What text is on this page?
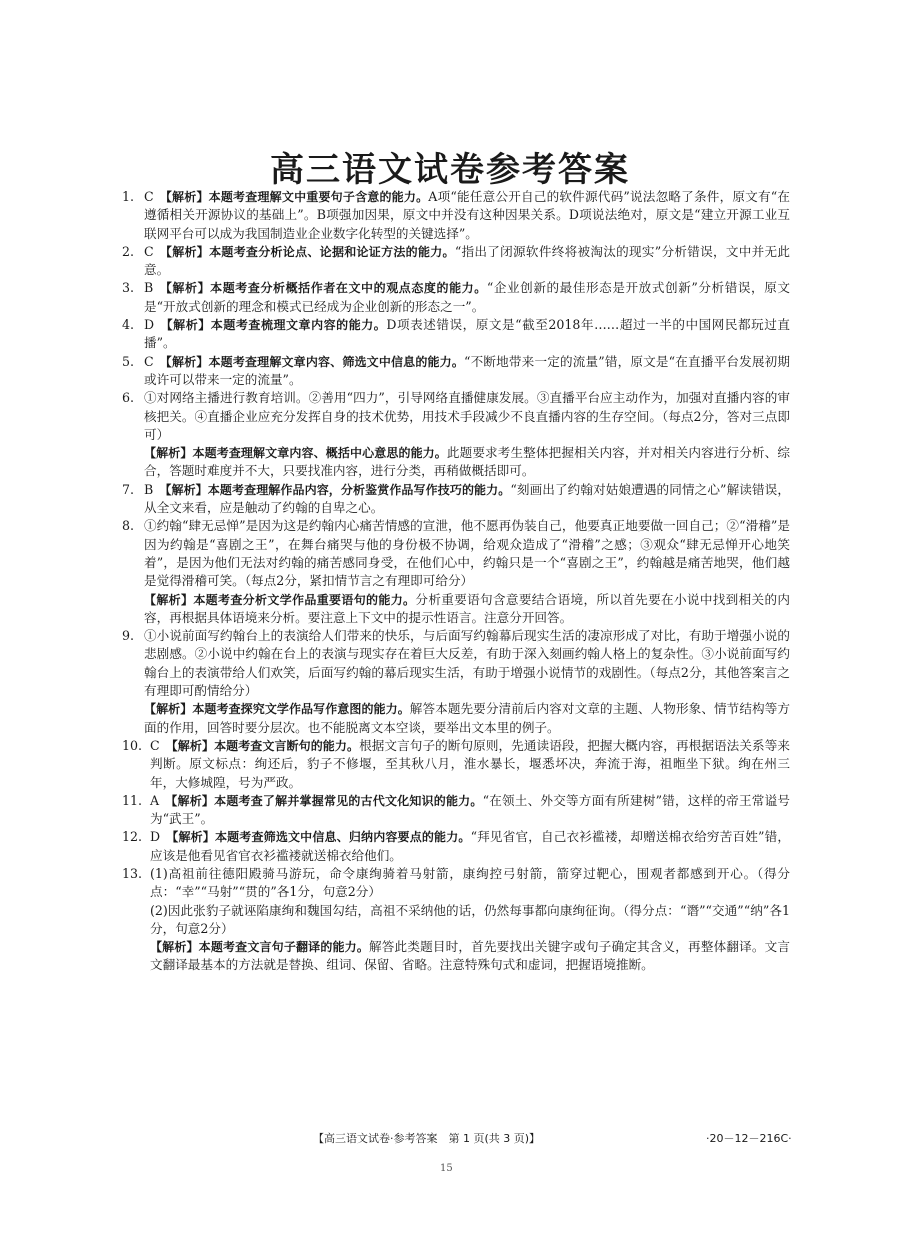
高三语文试卷参考答案

1. C 【解析】本题考查理解文中重要句子含意的能力。A项“能任意公开自己的软件源代码”说法忽略了条件，原文有“在遵循相关开源协议的基础上”。B项强加因果，原文中并没有这种因果关系。D项说法绝对，原文是“建立开源工业互联网平台可以成为我国制造业企业数字化转型的关键选择”。

2. C 【解析】本题考查分析论点、论据和论证方法的能力。“指出了闭源软件终将被淘汰的现实”分析错误，文中并无此意。

3. B 【解析】本题考查分析概括作者在文中的观点态度的能力。“企业创新的最佳形态是开放式创新”分析错误，原文是“开放式创新的理念和模式已经成为企业创新的形态之一”。

4. D 【解析】本题考查梳理文章内容的能力。D项表述错误，原文是“截至2018年……超过一半的中国网民都玩过直播”。

5. C 【解析】本题考查理解文章内容、筛选文中信息的能力。“不断地带来一定的流量”错，原文是“在直播平台发展初期或许可以带来一定的流量”。

6. ①对网络主播进行教育培训。②善用“四力”，引导网络直播健康发展。③直播平台应主动作为，加强对直播内容的审核把关。④直播企业应充分发挥自身的技术优势，用技术手段减少不良直播内容的生存空间。（每点2分，答对三点即可）
【解析】本题考查理解文章内容、概括中心意思的能力。此题要求考生整体把握相关内容，并对相关内容进行分析、综合，答题时难度并不大，只要找准内容，进行分类，再稍做概括即可。

7. B 【解析】本题考查理解作品内容，分析鉴赏作品写作技巧的能力。“刻画出了约翰对姑娘遭遇的同情之心”解读错误，从全文来看，应是触动了约翰的自卑之心。

8. ①约翰“肆无忌惮”是因为这是约翰内心痛苦情感的宣泄，他不愿再伪装自己，他要真正地要做一回自己；②“滑稽”是因为约翰是“喜剧之王”，在舞台痛哭与他的身份极不协调，给观众造成了“滑稽”之感；③观众“肆无忌惮开心地笑着”，是因为他们无法对约翰的痛苦感同身受，在他们心中，约翰只是一个“喜剧之王”，约翰越是痛苦地哭，他们越是觉得滑稽可笑。（每点2分，紧扣情节言之有理即可给分）
【解析】本题考查分析文学作品重要语句的能力。分析重要语句含意要结合语境，所以首先要在小说中找到相关的内容，再根据具体语境来分析。要注意上下文中的提示性语言。注意分开回答。

9. ①小说前面写约翰台上的表演给人们带来的快乐，与后面写约翰幕后现实生活的凄凉形成了对比，有助于增强小说的悲剧感。②小说中约翰在台上的表演与现实存在着巨大反差，有助于深入刻画约翰人格上的复杂性。③小说前面写约翰台上的表演带给人们欢笑，后面写约翰的幕后现实生活，有助于增强小说情节的戏剧性。（每点2分，其他答案言之有理即可酌情给分）
【解析】本题考查探究文学作品写作意图的能力。解答本题先要分清前后内容对文章的主题、人物形象、情节结构等方面的作用，回答时要分层次。也不能脱离文本空谈，要举出文本里的例子。

10. C 【解析】本题考查文言断句的能力。根据文言句子的断句原则，先通读语段，把握大概内容，再根据语法关系等来判断。原文标点：绚还后，豹子不修堰，至其秋八月，淮水暴长，堰悉坏决，奔流于海，祖暅坐下狱。绚在州三年，大修城隍，号为严政。

11. A 【解析】本题考查了解并掌握常见的古代文化知识的能力。“在领土、外交等方面有所建树”错，这样的帝王常谥号为“武王”。

12. D 【解析】本题考查筛选文中信息、归纳内容要点的能力。“拜见省官，自己衣衫褴褛，却赠送棉衣给穷苦百姓”错，应该是他看见省官衣衫褴褛就送棉衣给他们。

13. (1)高祖前往德阳殿骑马游玩，命令康绚骑着马射箭，康绚控弓射箭，箭穿过靶心，围观者都感到开心。（得分点：“幸”“马射”“贯的”各1分，句意2分）
(2)因此张豹子就诬陷康绚和魏国勾结，高祖不采纳他的话，仍然每事都向康绚征询。（得分点：“谮”“交通”“纳”各1分，句意2分）
【解析】本题考查文言句子翻译的能力。解答此类题目时，首先要找出关键字或句子确定其含义，再整体翻译。文言文翻译最基本的方法就是替换、组词、保留、省略。注意特殊句式和虚词，把握语境推断。

【高三语文试卷·参考答案　第 1 页(共 3 页)】	·20－12－216C·
15
